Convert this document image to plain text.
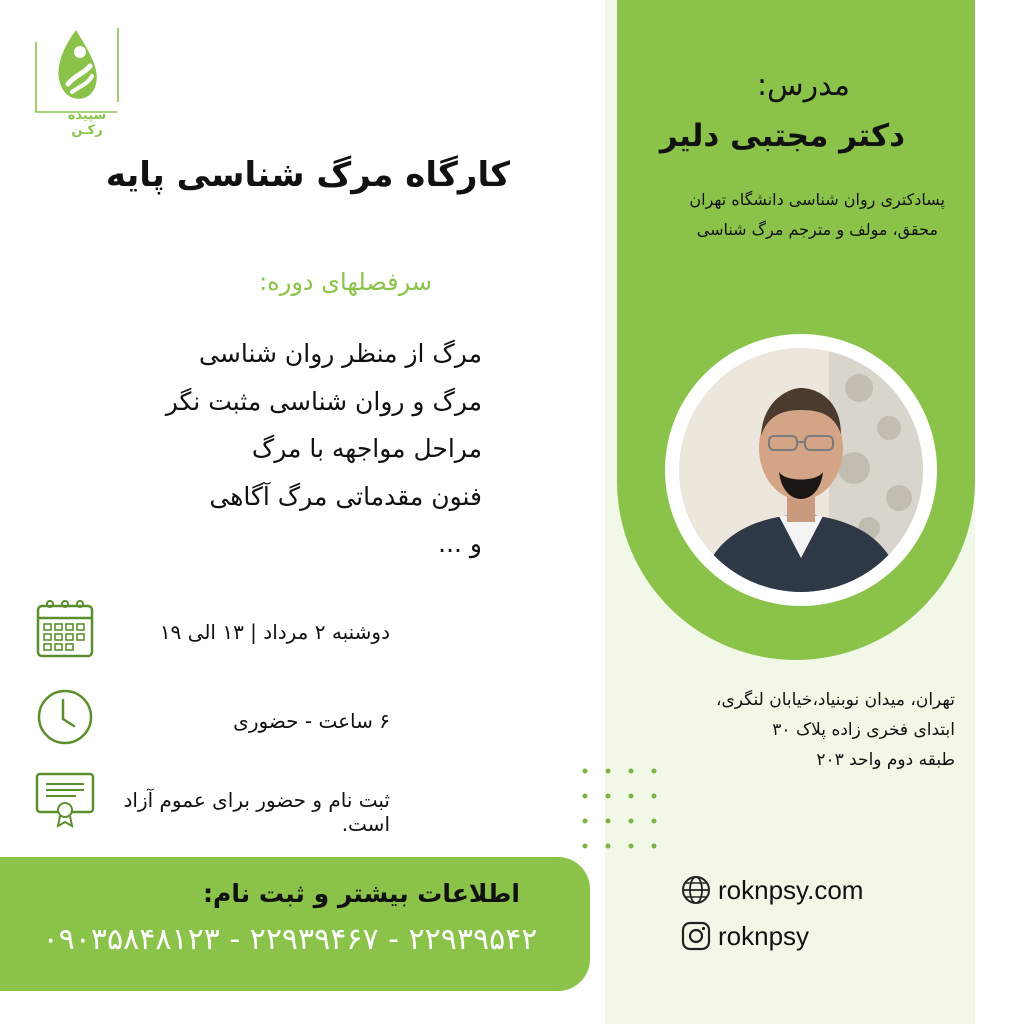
سپیده رکـن
کارگاه مرگ شناسی پایه
سرفصلهای دوره:
مرگ از منظر روان شناسی
مرگ و روان شناسی مثبت نگر
مراحل مواجهه با مرگ
فنون مقدماتی مرگ آگاهی
و ...
دوشنبه ۲ مرداد | ۱۳ الی ۱۹
۶ ساعت - حضوری
ثبت نام و حضور برای عموم آزاد است.
اطلاعات بیشتر و ثبت نام:
۰۹۰۳۵۸۴۸۱۲۳ - ۲۲۹۳۹۴۶۷ - ۲۲۹۳۹۵۴۲
مدرس:
دکتر مجتبی دلیر
پسادکتری روان شناسی دانشگاه تهران
محقق، مولف و مترجم مرگ شناسی
تهران، میدان نوبنیاد،خیابان لنگری،
ابتدای فخری زاده پلاک ۳۰
طبقه دوم واحد ۲۰۳
roknpsy.com
roknpsy
